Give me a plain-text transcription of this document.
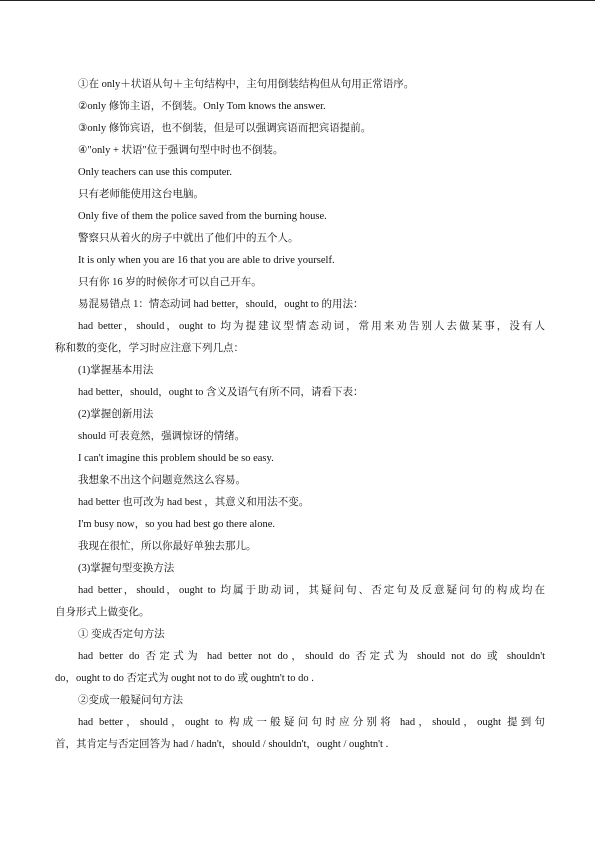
①在 only＋状语从句＋主句结构中，主句用倒装结构但从句用正常语序。
②only 修饰主语，不倒装。Only Tom knows the answer.
③only 修饰宾语，也不倒装，但是可以强调宾语而把宾语提前。
④"only + 状语"位于强调句型中时也不倒装。
Only teachers can use this computer.
只有老师能使用这台电脑。
Only five of them the police saved from the burning house.
警察只从着火的房子中就出了他们中的五个人。
It is only when you are 16 that you are able to drive yourself.
只有你 16 岁的时候你才可以自己开车。
易混易错点 1：情态动词 had better，should，ought to 的用法：
had better，should，ought to 均为提建议型情态动词，常用来劝告别人去做某事，没有人
称和数的变化，学习时应注意下列几点：
(1)掌握基本用法
had better，should，ought to 含义及语气有所不同，请看下表：
(2)掌握创新用法
should 可表竟然，强调惊讶的情绪。
I can't imagine this problem should be so easy.
我想象不出这个问题竟然这么容易。
had better 也可改为 had best ，其意义和用法不变。
I'm busy now，so you had best go there alone.
我现在很忙，所以你最好单独去那儿。
(3)掌握句型变换方法
had better，should，ought to 均属于助动词，其疑问句、否定句及反意疑问句的构成均在
自身形式上做变化。
① 变成否定句方法
had better do 否定式为 had better not do，should do 否定式为 should not do 或 shouldn't
do，ought to do 否定式为 ought not to do 或 oughtn't to do .
②变成一般疑问句方法
had better，should，ought to 构成一般疑问句时应分别将 had，should，ought 提到句
首，其肯定与否定回答为 had / hadn't，should / shouldn't，ought / oughtn't .
